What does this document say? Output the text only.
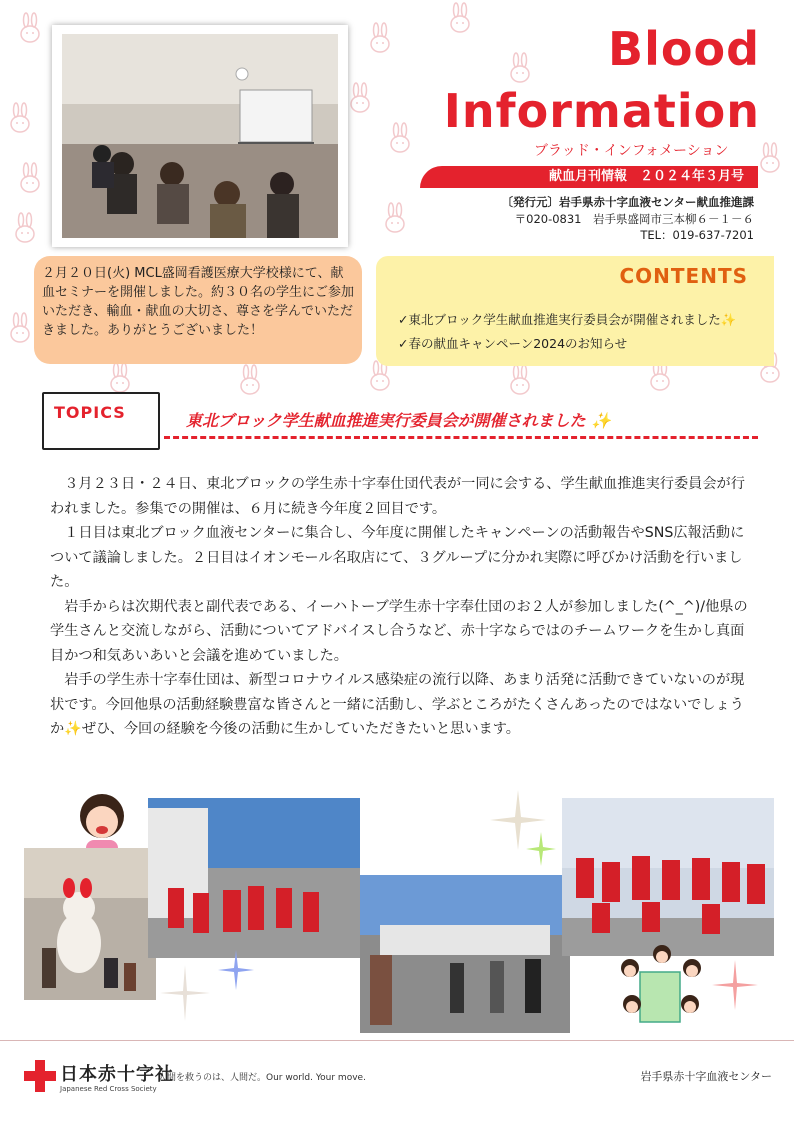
Blood
Information
ブラッド・インフォメーション
献血月刊情報　２０２４年３月号
〔発行元〕岩手県赤十字血液センター献血推進課
〒020-0831　岩手県盛岡市三本柳６－１－６
TEL：019-637-7201
２月２０日(火) MCL盛岡看護医療大学校様にて、献血セミナーを開催しました。約３０名の学生にご参加いただき、輸血・献血の大切さ、尊さを学んでいただきました。ありがとうございました！
CONTENTS
✓東北ブロック学生献血推進実行委員会が開催されました✨
✓春の献血キャンペーン2024のお知らせ
TOPICS	東北ブロック学生献血推進実行委員会が開催されました ✨

３月２３日・２４日、東北ブロックの学生赤十字奉仕団代表が一同に会する、学生献血推進実行委員会が行われました。参集での開催は、６月に続き今年度２回目です。

１日目は東北ブロック血液センターに集合し、今年度に開催したキャンペーンの活動報告やSNS広報活動について議論しました。２日目はイオンモール名取店にて、３グループに分かれ実際に呼びかけ活動を行いました。

岩手からは次期代表と副代表である、イーハトーブ学生赤十字奉仕団のお２人が参加しました(^_^)/他県の学生さんと交流しながら、活動についてアドバイスし合うなど、赤十字ならではのチームワークを生かし真面目かつ和気あいあいと会議を進めていました。

岩手の学生赤十字奉仕団は、新型コロナウイルス感染症の流行以降、あまり活発に活動できていないのが現状です。今回他県の活動経験豊富な皆さんと一緒に活動し、学ぶところがたくさんあったのではないでしょうか✨ぜひ、今回の経験を今後の活動に生かしていただきたいと思います。

日本赤十字社
Japanese Red Cross Society
人間を救うのは、人間だ。Our world. Your move.	岩手県赤十字血液センター
